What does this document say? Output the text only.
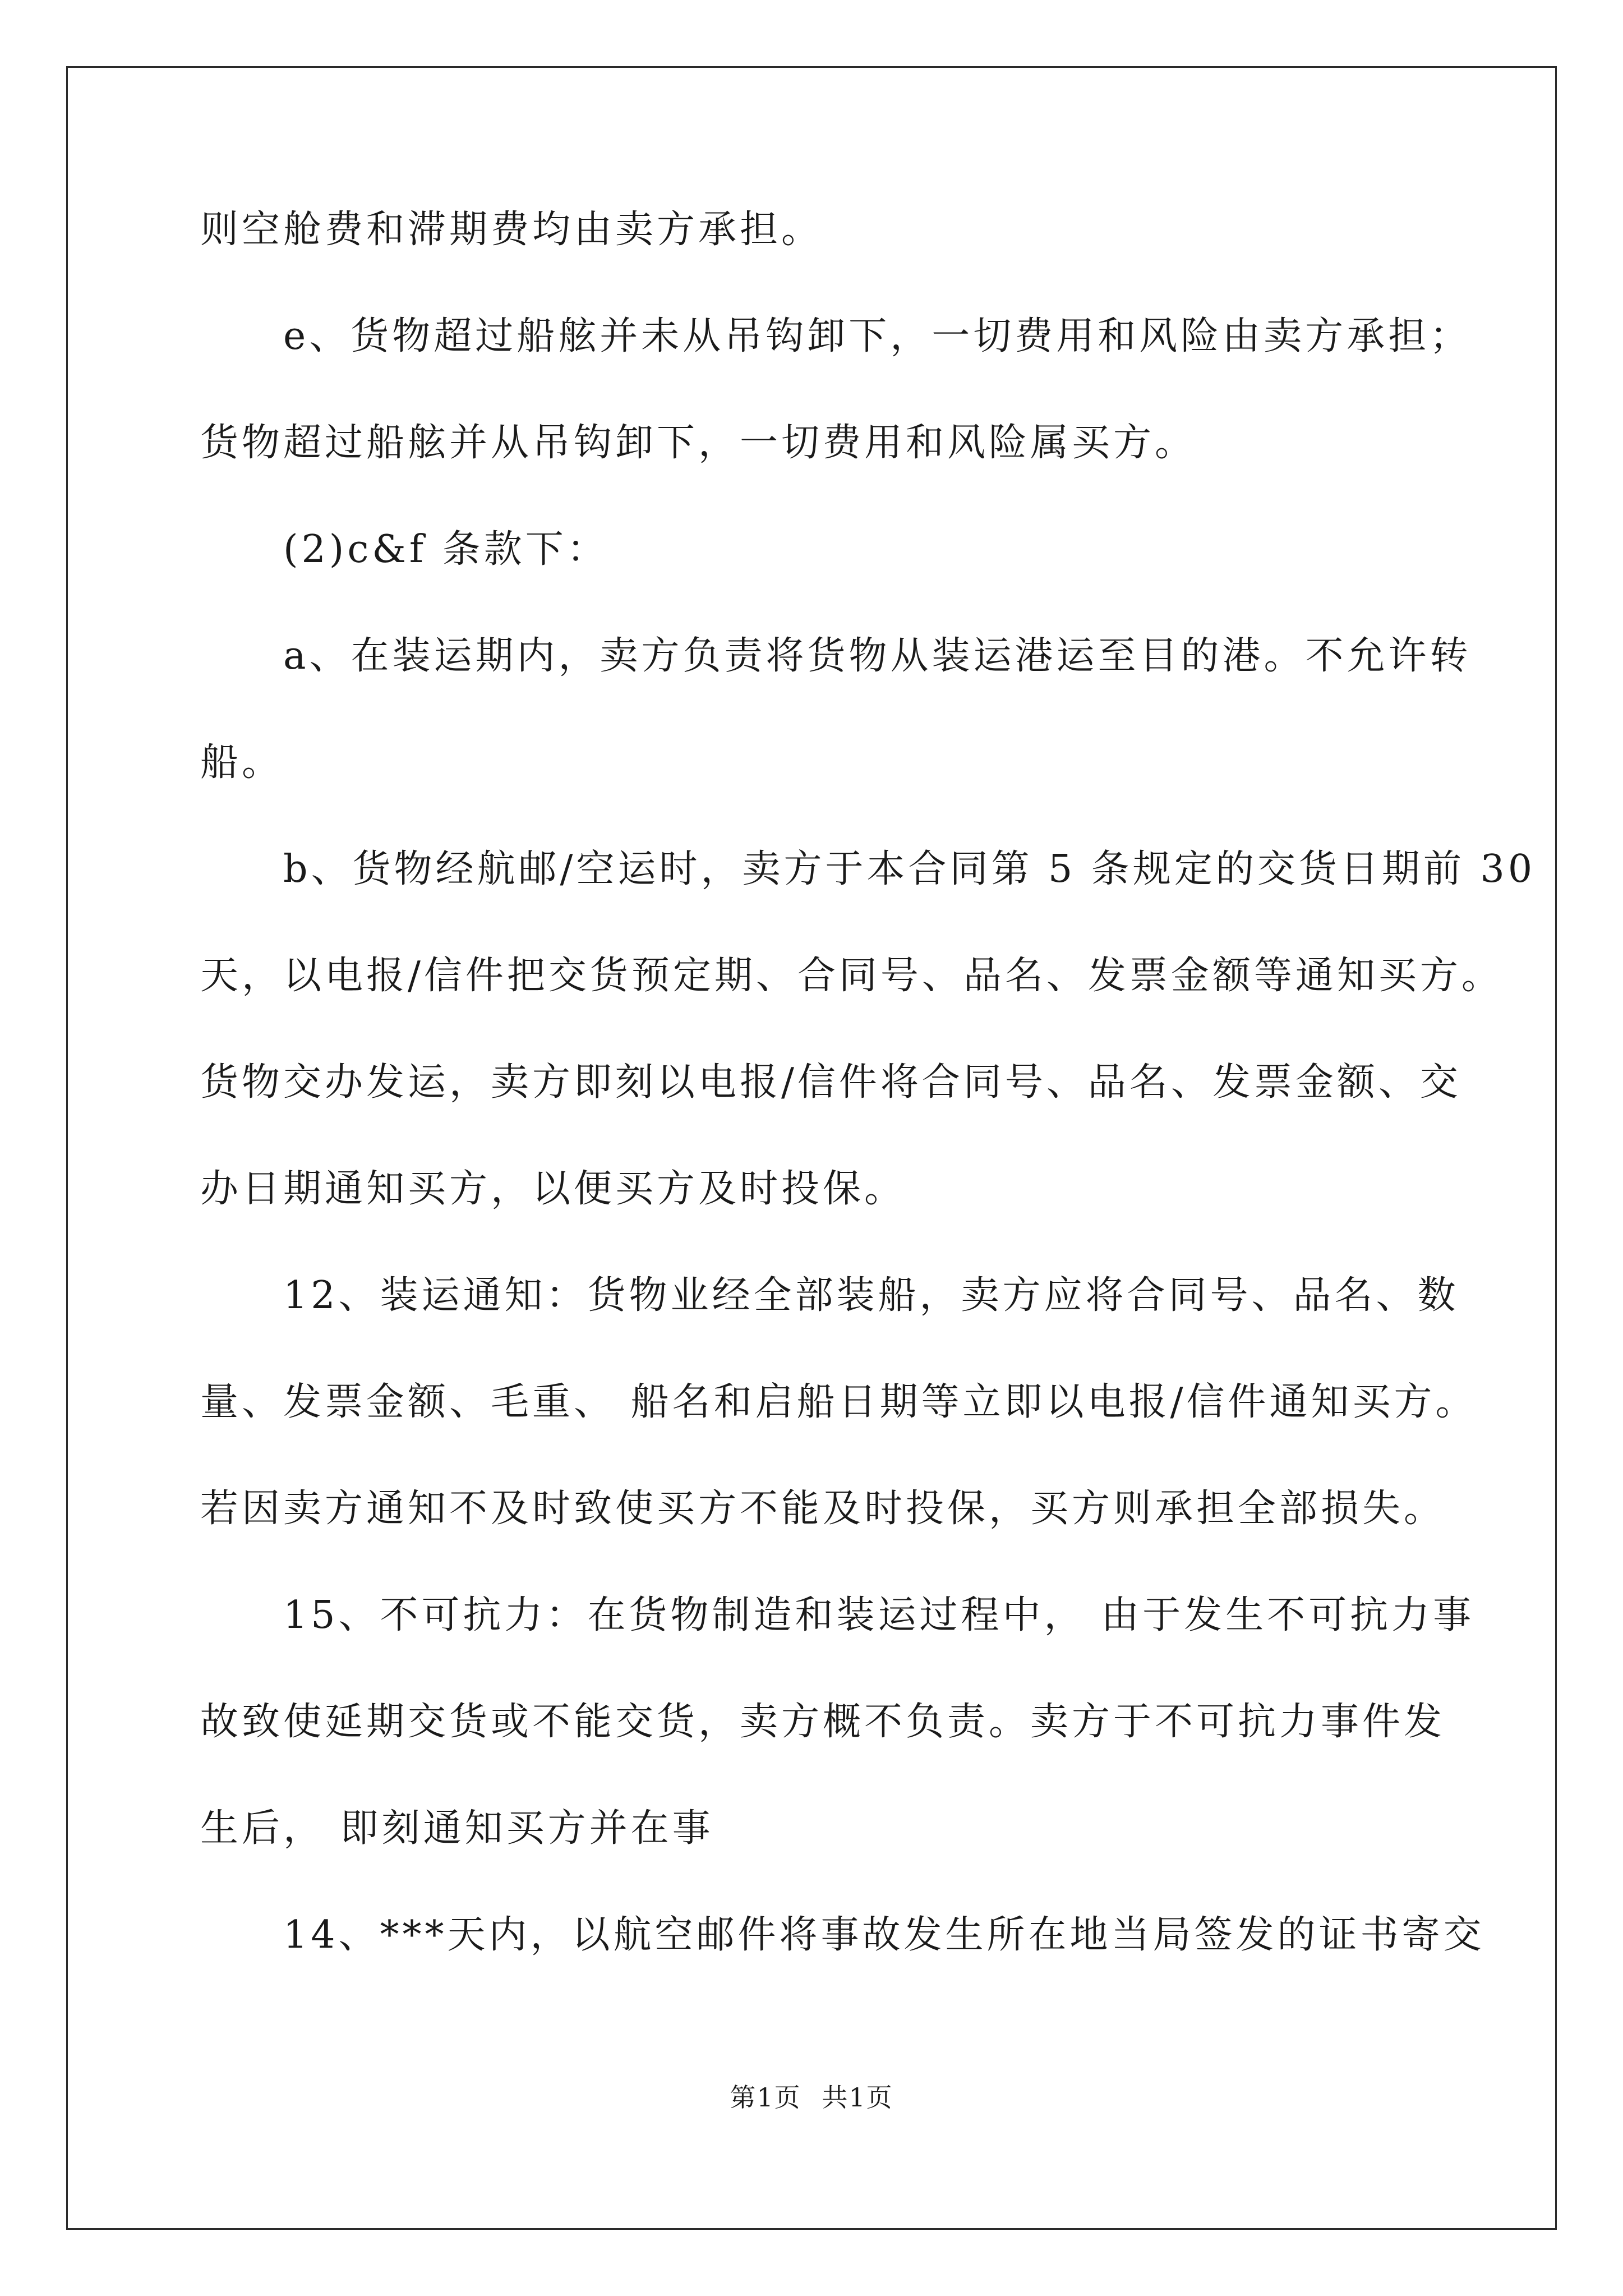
则空舱费和滞期费均由卖方承担。
　　e、货物超过船舷并未从吊钩卸下，一切费用和风险由卖方承担；
货物超过船舷并从吊钩卸下，一切费用和风险属买方。
　　(2)c&f 条款下：
　　a、在装运期内，卖方负责将货物从装运港运至目的港。不允许转
船。
　　b、货物经航邮/空运时，卖方于本合同第 5 条规定的交货日期前 30
天，以电报/信件把交货预定期、合同号、品名、发票金额等通知买方。
货物交办发运，卖方即刻以电报/信件将合同号、品名、发票金额、交
办日期通知买方，以便买方及时投保。
　　12、装运通知：货物业经全部装船，卖方应将合同号、品名、数
量、发票金额、毛重、 船名和启船日期等立即以电报/信件通知买方。
若因卖方通知不及时致使买方不能及时投保，买方则承担全部损失。
　　15、不可抗力：在货物制造和装运过程中， 由于发生不可抗力事
故致使延期交货或不能交货，卖方概不负责。卖方于不可抗力事件发
生后， 即刻通知买方并在事
　　14、***天内，以航空邮件将事故发生所在地当局签发的证书寄交
第1页 共1页
